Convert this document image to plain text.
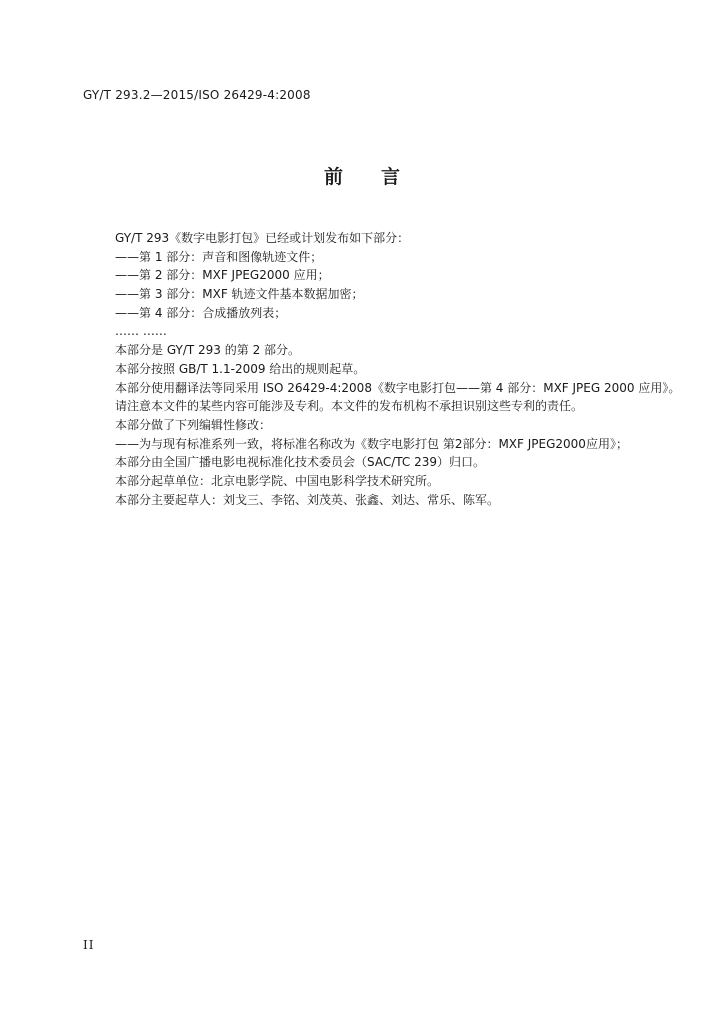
GY/T 293.2—2015/ISO 26429-4:2008
前　　言
GY/T 293《数字电影打包》已经或计划发布如下部分：
——第 1 部分：声音和图像轨迹文件；
——第 2 部分：MXF JPEG2000 应用；
——第 3 部分：MXF 轨迹文件基本数据加密；
——第 4 部分：合成播放列表；
…… ……
本部分是 GY/T 293 的第 2 部分。
本部分按照 GB/T 1.1-2009 给出的规则起草。
本部分使用翻译法等同采用 ISO 26429-4:2008《数字电影打包——第 4 部分：MXF JPEG 2000 应用》。
请注意本文件的某些内容可能涉及专利。本文件的发布机构不承担识别这些专利的责任。
本部分做了下列编辑性修改：
——为与现有标准系列一致，将标准名称改为《数字电影打包 第2部分：MXF JPEG2000应用》；
本部分由全国广播电影电视标准化技术委员会（SAC/TC 239）归口。
本部分起草单位：北京电影学院、中国电影科学技术研究所。
本部分主要起草人：刘戈三、李铭、刘茂英、张鑫、刘达、常乐、陈军。
II
